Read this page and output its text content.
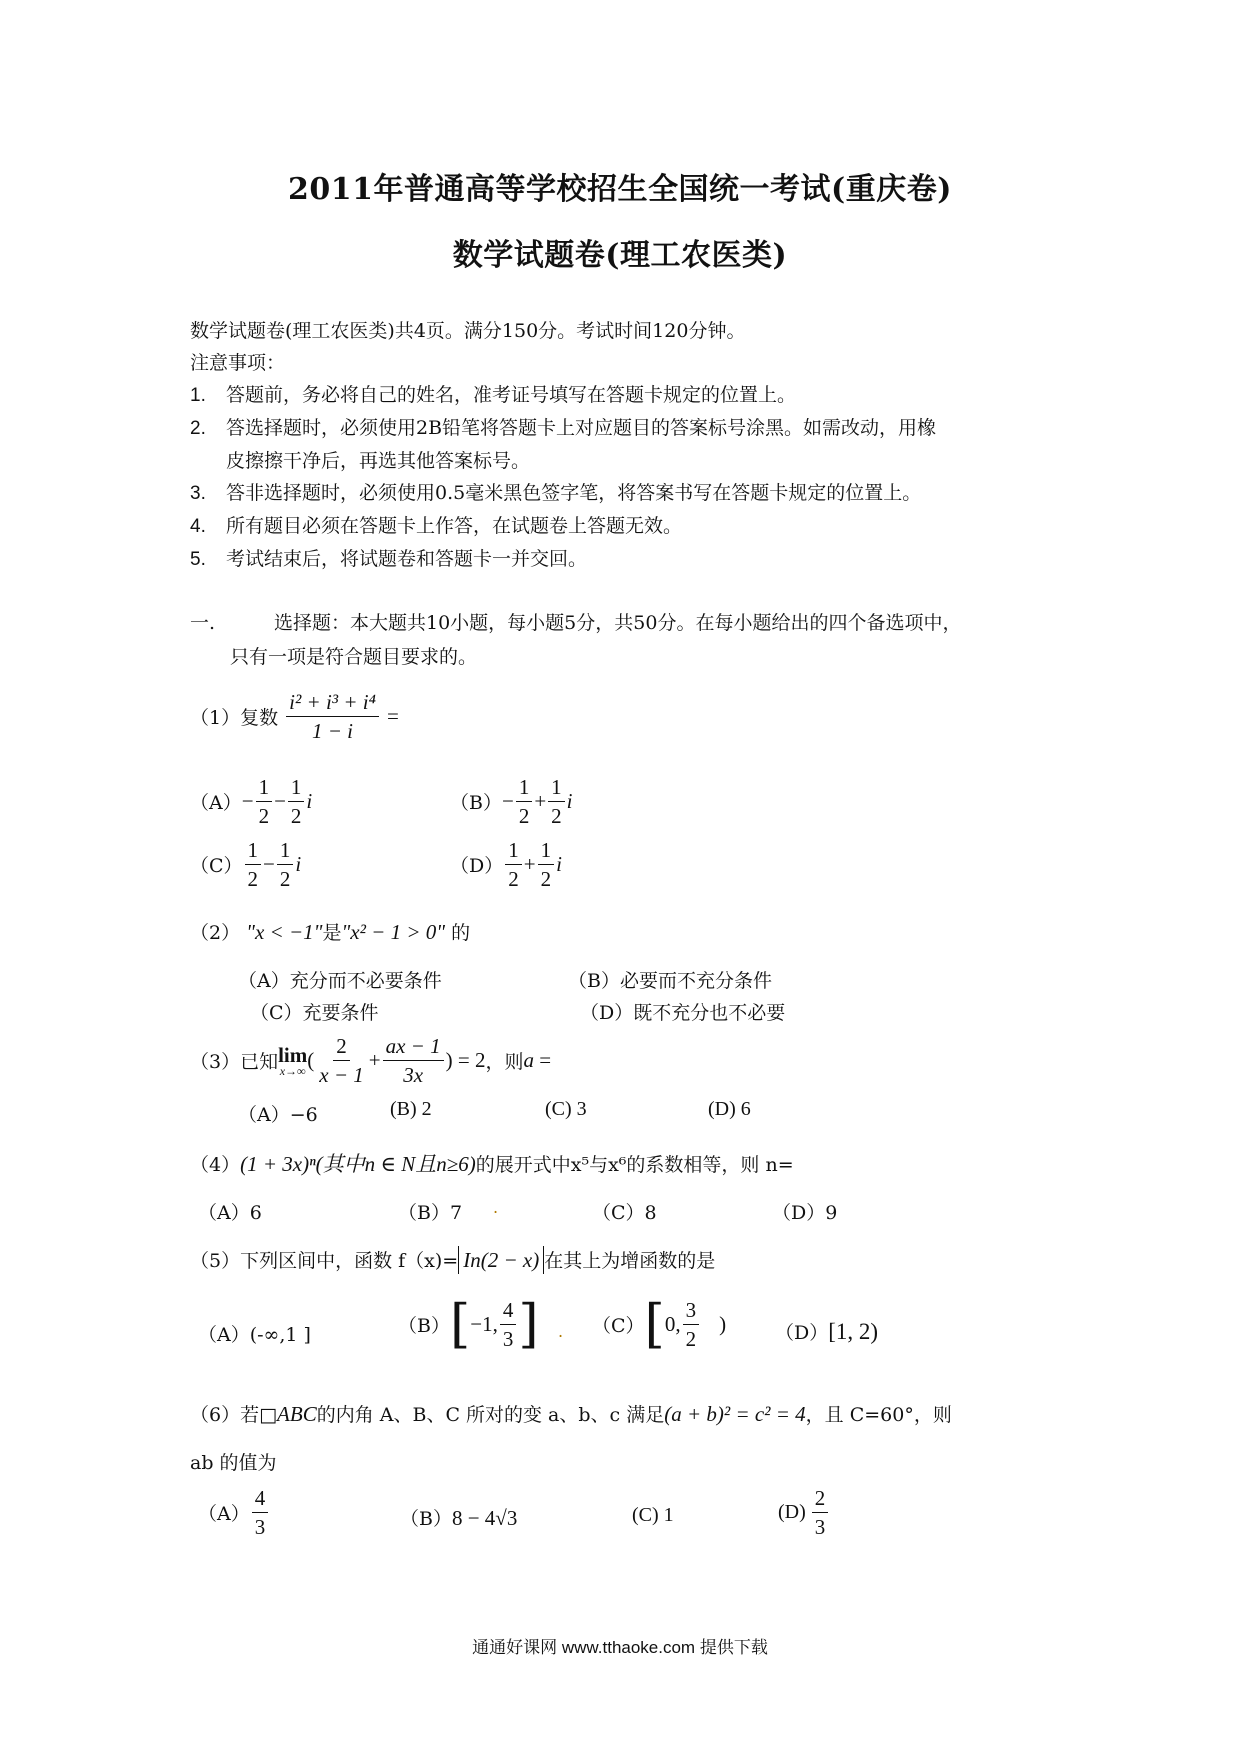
2011年普通高等学校招生全国统一考试(重庆卷)
数学试题卷(理工农医类)
数学试题卷(理工农医类)共4页。满分150分。考试时间120分钟。
注意事项：
1. 答题前，务必将自己的姓名，准考证号填写在答题卡规定的位置上。
2. 答选择题时，必须使用2B铅笔将答题卡上对应题目的答案标号涂黑。如需改动，用橡
皮擦擦干净后，再选其他答案标号。
3. 答非选择题时，必须使用0.5毫米黑色签字笔，将答案书写在答题卡规定的位置上。
4. 所有题目必须在答题卡上作答，在试题卷上答题无效。
5. 考试结束后，将试题卷和答题卡一并交回。
一.	选择题：本大题共10小题，每小题5分，共50分。在每小题给出的四个备选项中，
只有一项是符合题目要求的。
（1）复数 $\frac{\text{i² + i³ + i⁴}}{1 - i}$ =
$(A)- \frac{1}{2} - \frac{1}{2}$ i	$(B)- \frac{1}{2} + \frac{1}{2}$ i
$(C) \frac{1}{2} - \frac{1}{2}$ i	$(D) \frac{1}{2} + \frac{1}{2}$ i
（2） "x < −1"是"x² − 1 > 0" 的
（A）充分而不必要条件	（B）必要而不充分条件
（C）充要条件	（D）既不充分也不必要
（3）已知 lim
x→∞ ( $\frac{2}{x - 1} + \frac{ax - 1}{3x}$ ) = 2，则a =
（A）−6	(B) 2	(C) 3	(D) 6
（4）(1 + 3x)ⁿ(其中n ∈ N且n≥6)的展开式中x⁵与x⁶的系数相等，则 n=
（A）6	（B）7 .	（C）8	（D）9
（5）下列区间中，函数 f（x)= In(2 − x) 在其上为增函数的是
（A）(-∞,1 ]	（B）[−1, $\frac{4}{3}$ ] . （C）[0, $\frac{3}{2}$ )	（D）[1, 2)
（6）若□ABC的内角 A、B、C 所对的变 a、b、c 满足(a + b)² = c² = 4，且 C=60°，则
ab 的值为
$(A) \frac{4}{3}$	（B）8 − 4√3	(C) 1	$(D) \frac{2}{3}$
通通好课网 www.tthaoke.com 提供下载
